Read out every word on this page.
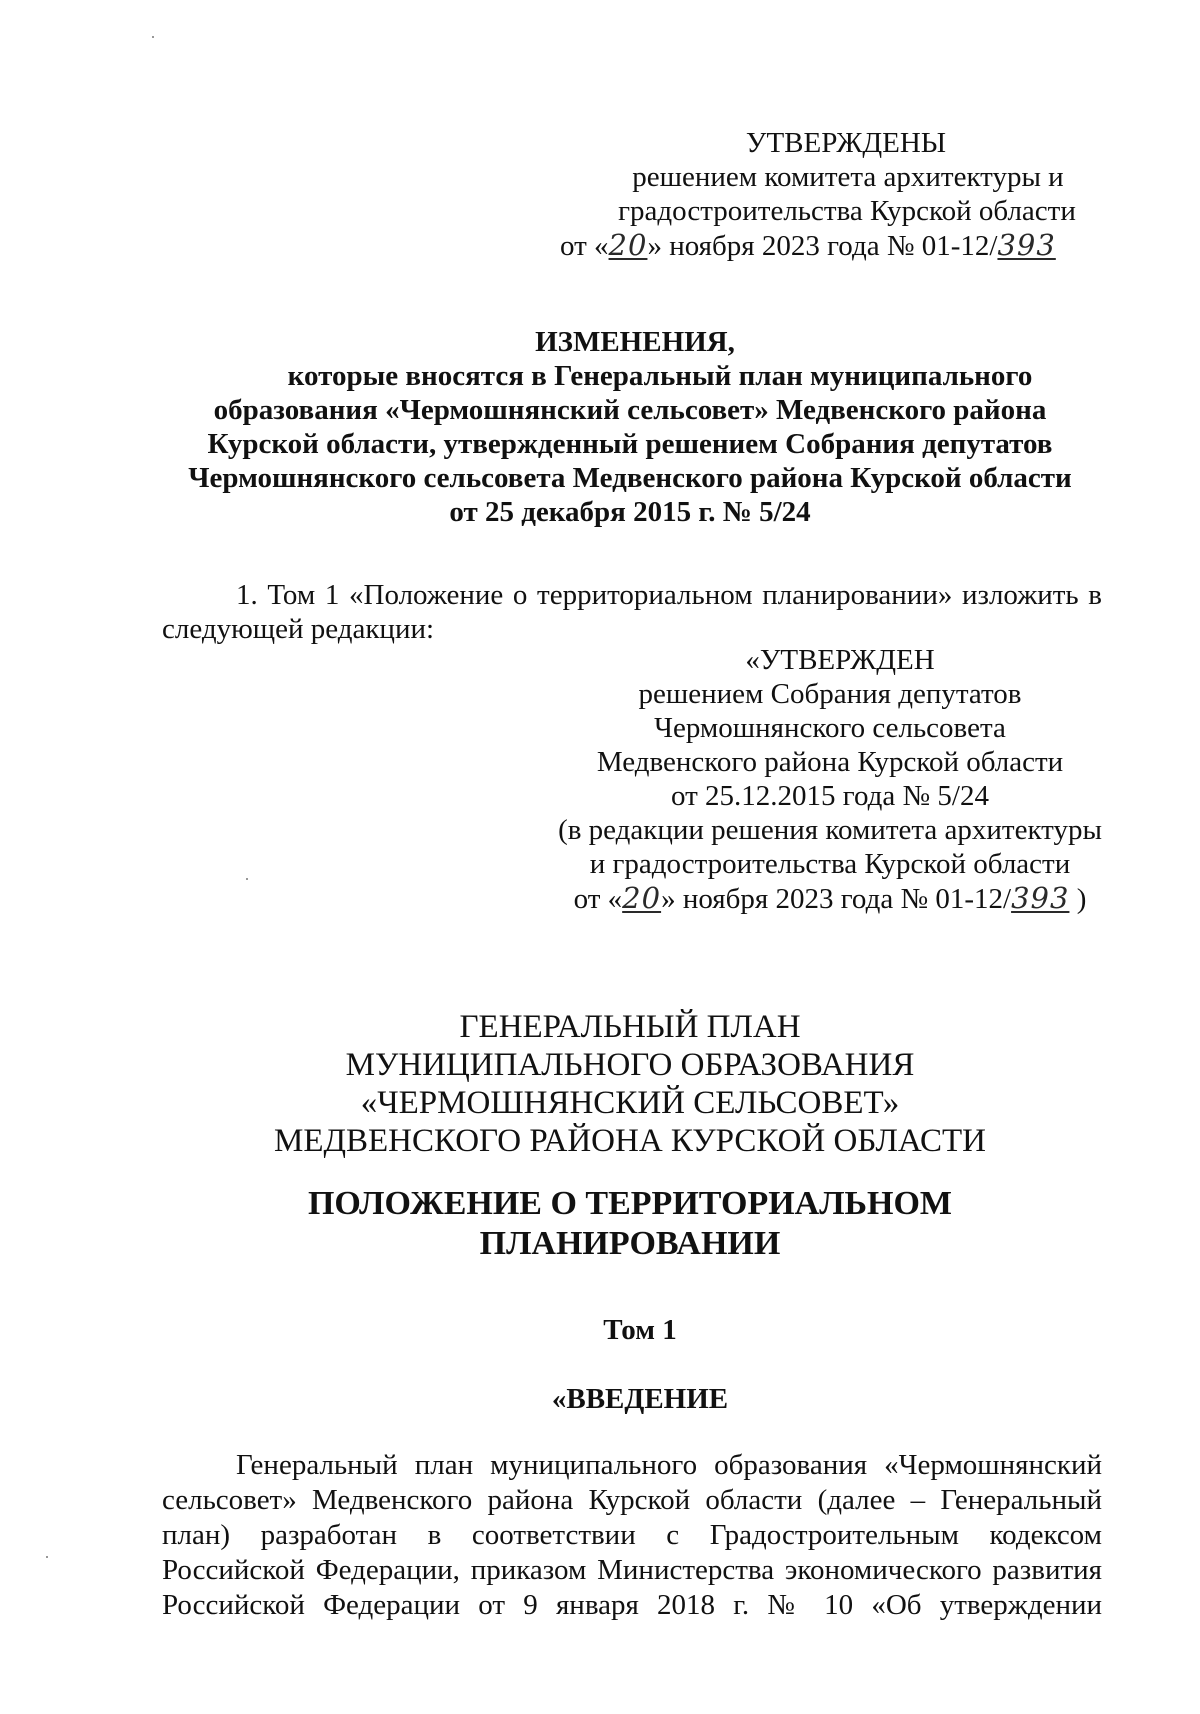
УТВЕРЖДЕНЫ
решением комитета архитектуры и
градостроительства Курской области
от «20» ноября 2023 года № 01-12/393
ИЗМЕНЕНИЯ,
которые вносятся в Генеральный план муниципального
образования «Чермошнянский сельсовет» Медвенского района
Курской области, утвержденный решением Собрания депутатов
Чермошнянского сельсовета Медвенского района Курской области
от 25 декабря 2015 г. № 5/24
1. Том 1 «Положение о территориальном планировании» изложить в
следующей редакции:
«УТВЕРЖДЕН
решением Собрания депутатов
Чермошнянского сельсовета
Медвенского района Курской области
от 25.12.2015 года № 5/24
(в редакции решения комитета архитектуры
и градостроительства Курской области
от «20» ноября 2023 года № 01-12/393 )
ГЕНЕРАЛЬНЫЙ ПЛАН
МУНИЦИПАЛЬНОГО ОБРАЗОВАНИЯ
«ЧЕРМОШНЯНСКИЙ СЕЛЬСОВЕТ»
МЕДВЕНСКОГО РАЙОНА КУРСКОЙ ОБЛАСТИ
ПОЛОЖЕНИЕ О ТЕРРИТОРИАЛЬНОМ ПЛАНИРОВАНИИ
Том 1
«ВВЕДЕНИЕ
Генеральный план муниципального образования «Чермошнянский
сельсовет» Медвенского района Курской области (далее – Генеральный
план) разработан в соответствии с Градостроительным кодексом
Российской Федерации, приказом Министерства экономического развития
Российской Федерации от 9 января 2018 г. № 10 «Об утверждении
